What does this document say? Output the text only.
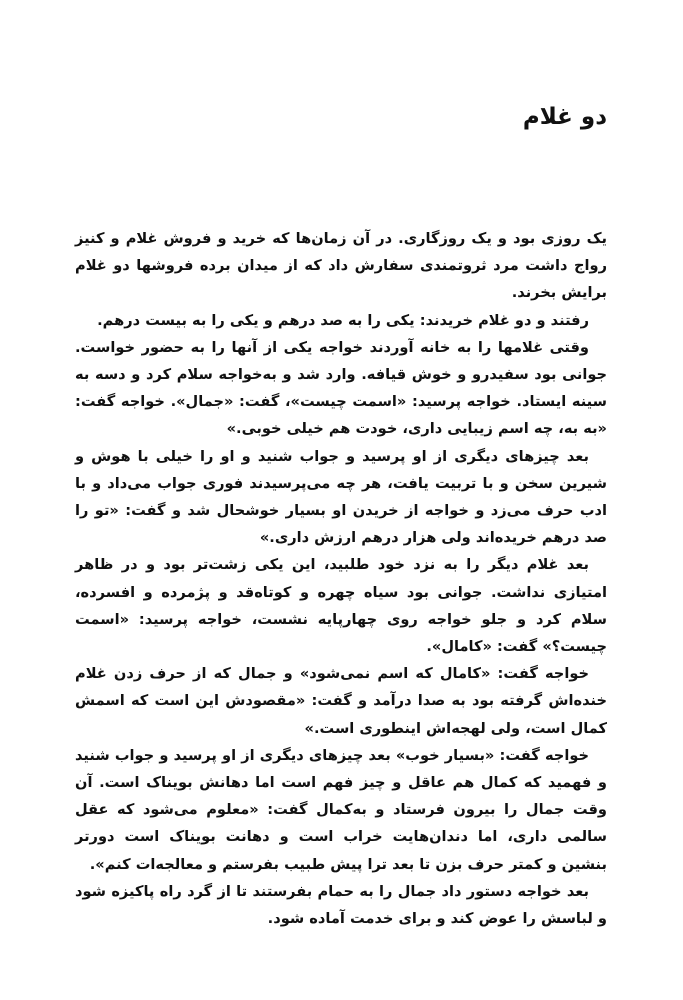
دو غلام

یک روزی بود و یک روزگاری. در آن زمان‌ها که خرید و فروش غلام و کنیز رواج داشت مرد ثروتمندی سفارش داد که از میدان برده فروشها دو غلام برایش بخرند.

رفتند و دو غلام خریدند: یکی را به صد درهم و یکی را به بیست درهم.

وقتی غلامها را به خانه آوردند خواجه یکی از آنها را به حضور خواست. جوانی بود سفیدرو و خوش قیافه. وارد شد و به‌خواجه سلام کرد و دسه به سینه ایستاد. خواجه پرسید: «اسمت چیست»، گفت: «جمال». خواجه گفت: «به به، چه اسم زیبایی داری، خودت هم خیلی خوبی.»

بعد چیزهای دیگری از او پرسید و جواب شنید و او را خیلی با هوش و شیرین سخن و با تربیت یافت، هر چه می‌پرسیدند فوری جواب می‌داد و با ادب حرف می‌زد و خواجه از خریدن او بسیار خوشحال شد و گفت: «تو را صد درهم خریده‌اند ولی هزار درهم ارزش داری.»

بعد غلام دیگر را به نزد خود طلبید، این یکی زشت‌تر بود و در ظاهر امتیازی نداشت. جوانی بود سیاه چهره و کوتاه‌قد و پژمرده و افسرده، سلام کرد و جلو خواجه روی چهارپایه نشست، خواجه پرسید: «اسمت چیست؟» گفت: «کامال».

خواجه گفت: «کامال که اسم نمی‌شود» و جمال که از حرف زدن غلام خنده‌اش گرفته بود به صدا درآمد و گفت: «مقصودش این است که اسمش کمال است، ولی لهجه‌اش اینطوری است.»

خواجه گفت: «بسیار خوب» بعد چیزهای دیگری از او پرسید و جواب شنید و فهمید که کمال هم عاقل و چیز فهم است اما دهانش بویناک است. آن وقت جمال را بیرون فرستاد و به‌کمال گفت: «معلوم می‌شود که عقل سالمی داری، اما دندان‌هایت خراب است و دهانت بویناک است دورتر بنشین و کمتر حرف بزن تا بعد ترا پیش طبیب بفرستم و معالجه‌ات کنم».

بعد خواجه دستور داد جمال را به حمام بفرستند تا از گرد راه پاکیزه شود و لباسش را عوض کند و برای خدمت آماده شود.
